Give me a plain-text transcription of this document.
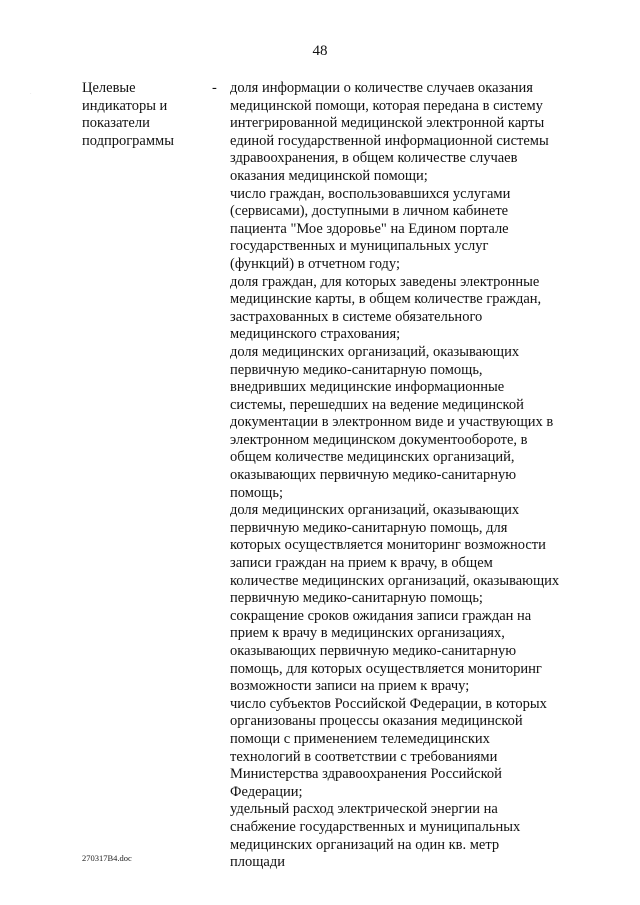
48
·	Целевые
индикаторы и
показатели
подпрограммы
- доля информации о количестве случаев оказания
медицинской помощи, которая передана в систему
интегрированной медицинской электронной карты
единой государственной информационной системы
здравоохранения, в общем количестве случаев
оказания медицинской помощи;
число граждан, воспользовавшихся услугами
(сервисами), доступными в личном кабинете
пациента "Мое здоровье" на Едином портале
государственных и муниципальных услуг
(функций) в отчетном году;
доля граждан, для которых заведены электронные
медицинские карты, в общем количестве граждан,
застрахованных в системе обязательного
медицинского страхования;
доля медицинских организаций, оказывающих
первичную медико-санитарную помощь,
внедривших медицинские информационные
системы, перешедших на ведение медицинской
документации в электронном виде и участвующих в
электронном медицинском документообороте, в
общем количестве медицинских организаций,
оказывающих первичную медико-санитарную
помощь;
доля медицинских организаций, оказывающих
первичную медико-санитарную помощь, для
которых осуществляется мониторинг возможности
записи граждан на прием к врачу, в общем
количестве медицинских организаций, оказывающих
первичную медико-санитарную помощь;
сокращение сроков ожидания записи граждан на
прием к врачу в медицинских организациях,
оказывающих первичную медико-санитарную
помощь, для которых осуществляется мониторинг
возможности записи на прием к врачу;
число субъектов Российской Федерации, в которых
организованы процессы оказания медицинской
помощи с применением телемедицинских
технологий в соответствии с требованиями
Министерства здравоохранения Российской
Федерации;
удельный расход электрической энергии на
снабжение государственных и муниципальных
медицинских организаций на один кв. метр
площади
270317В4.doc
